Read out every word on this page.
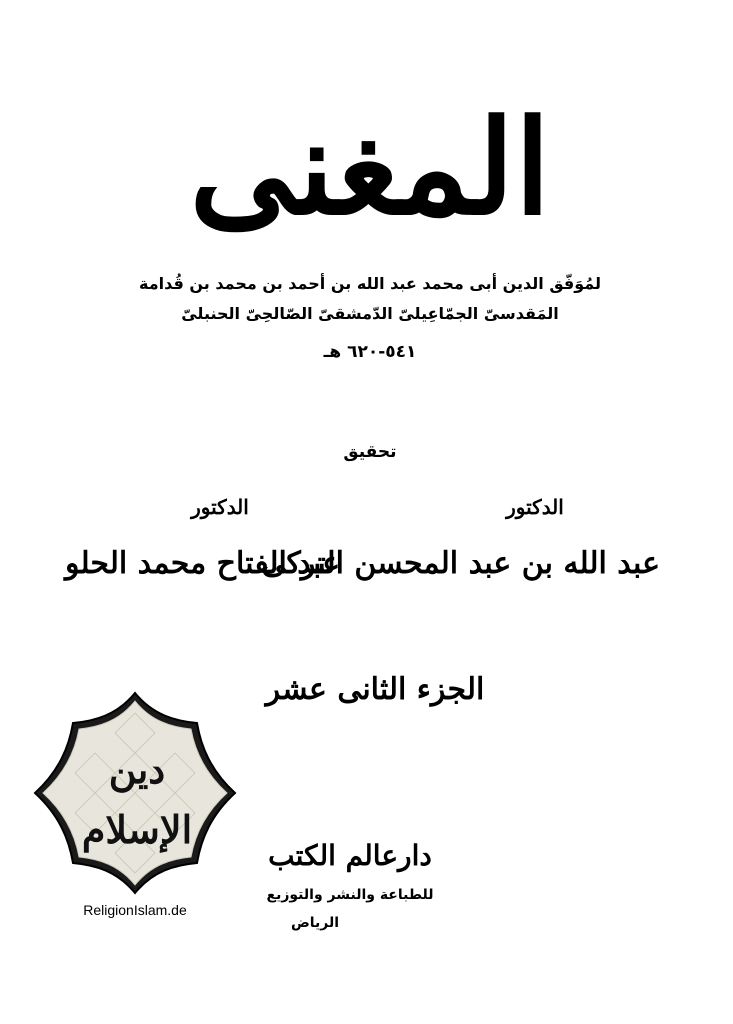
المغنى
لمُوَفّق الدين أبى محمد عبد الله بن أحمد بن محمد بن قُدامة
المَقدسىّ الجمّاعِيلىّ الدّمشقىّ الصّالحِىّ الحنبلىّ
٥٤١-٦٢٠ هـ
تحقيق
الدكتور
الدكتور
عبد الله بن عبد المحسن التركى
عبد الفتاح محمد الحلو
الجزء الثانى عشر
دين الإسلام
ReligionIslam.de
دارعالم الكتب
للطباعة والنشر والتوزيع
الرياض
